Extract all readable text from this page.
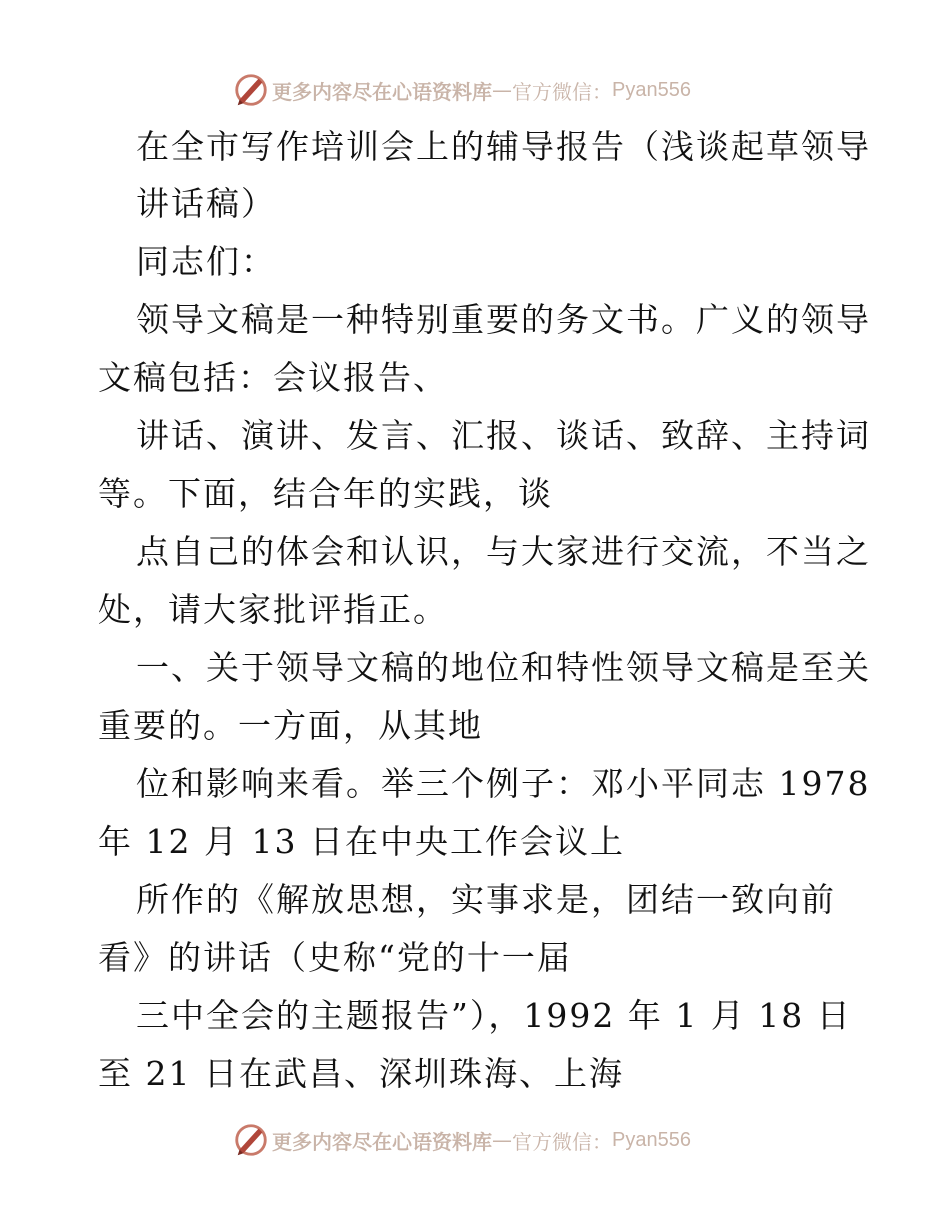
更多内容尽在心语资料库 — 官方微信： Pyan556
在全市写作培训会上的辅导报告（浅谈起草领导
讲话稿）
同志们：
领导文稿是一种特别重要的务文书。广义的领导
文稿包括：会议报告、
讲话、演讲、发言、汇报、谈话、致辞、主持词
等。下面，结合年的实践，谈
点自己的体会和认识，与大家进行交流，不当之
处，请大家批评指正。
一、关于领导文稿的地位和特性领导文稿是至关
重要的。一方面，从其地
位和影响来看。举三个例子：邓小平同志 1978
年 12 月 13 日在中央工作会议上
所作的《解放思想，实事求是，团结一致向前
看》的讲话（史称“党的十一届
三中全会的主题报告”），1992 年 1 月 18 日
至 21 日在武昌、深圳珠海、上海
更多内容尽在心语资料库 — 官方微信： Pyan556
